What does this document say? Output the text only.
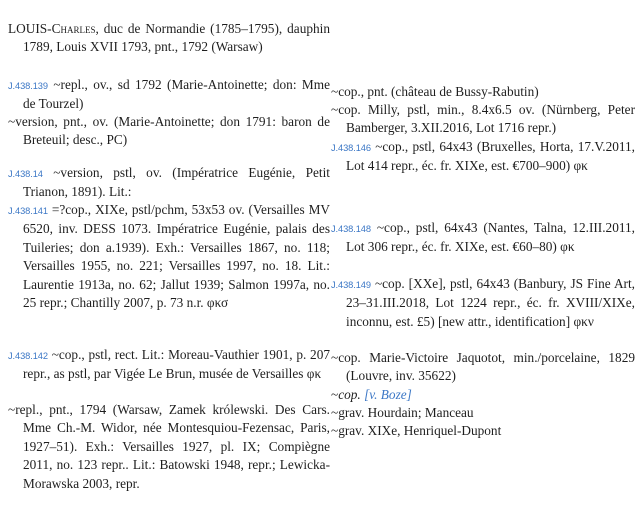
LOUIS-Charles, duc de Normandie (1785–1795), dauphin 1789, Louis XVII 1793, pnt., 1792 (Warsaw)
J.438.139 ~repl., ov., sd 1792 (Marie-Antoinette; don: Mme de Tourzel)
~version, pnt., ov. (Marie-Antoinette; don 1791: baron de Breteuil; desc., PC)
J.438.14 ~version, pstl, ov. (Impératrice Eugénie, Petit Trianon, 1891). Lit.:
J.438.141 =?cop., XIXe, pstl/pchm, 53x53 ov. (Versailles MV 6520, inv. DESS 1073. Impératrice Eugénie, palais des Tuileries; don a.1939). Exh.: Versailles 1867, no. 118; Versailles 1955, no. 221; Versailles 1997, no. 18. Lit.: Laurentie 1913a, no. 62; Jallut 1939; Salmon 1997a, no. 25 repr.; Chantilly 2007, p. 73 n.r. φκσ
J.438.142 ~cop., pstl, rect. Lit.: Moreau-Vauthier 1901, p. 207 repr., as pstl, par Vigée Le Brun, musée de Versailles φκ
~repl., pnt., 1794 (Warsaw, Zamek królewski. Des Cars. Mme Ch.-M. Widor, née Montesquiou-Fezensac, Paris, 1927–51). Exh.: Versailles 1927, pl. IX; Compiègne 2011, no. 123 repr.. Lit.: Batowski 1948, repr.; Lewicka-Morawska 2003, repr.
~cop., pnt. (château de Bussy-Rabutin)
~cop. Milly, pstl, min., 8.4x6.5 ov. (Nürnberg, Peter Bamberger, 3.XII.2016, Lot 1716 repr.)
J.438.146 ~cop., pstl, 64x43 (Bruxelles, Horta, 17.V.2011, Lot 414 repr., éc. fr. XIXe, est. €700–900) φκ
J.438.148 ~cop., pstl, 64x43 (Nantes, Talna, 12.III.2011, Lot 306 repr., éc. fr. XIXe, est. €60–80) φκ
J.438.149 ~cop. [XXe], pstl, 64x43 (Banbury, JS Fine Art, 23–31.III.2018, Lot 1224 repr., éc. fr. XVIII/XIXe, inconnu, est. £5) [new attr., identification] φκν
~cop. Marie-Victoire Jaquotot, min./porcelaine, 1829 (Louvre, inv. 35622)
~cop. [v. Boze]
~grav. Hourdain; Manceau
~grav. XIXe, Henriquel-Dupont
